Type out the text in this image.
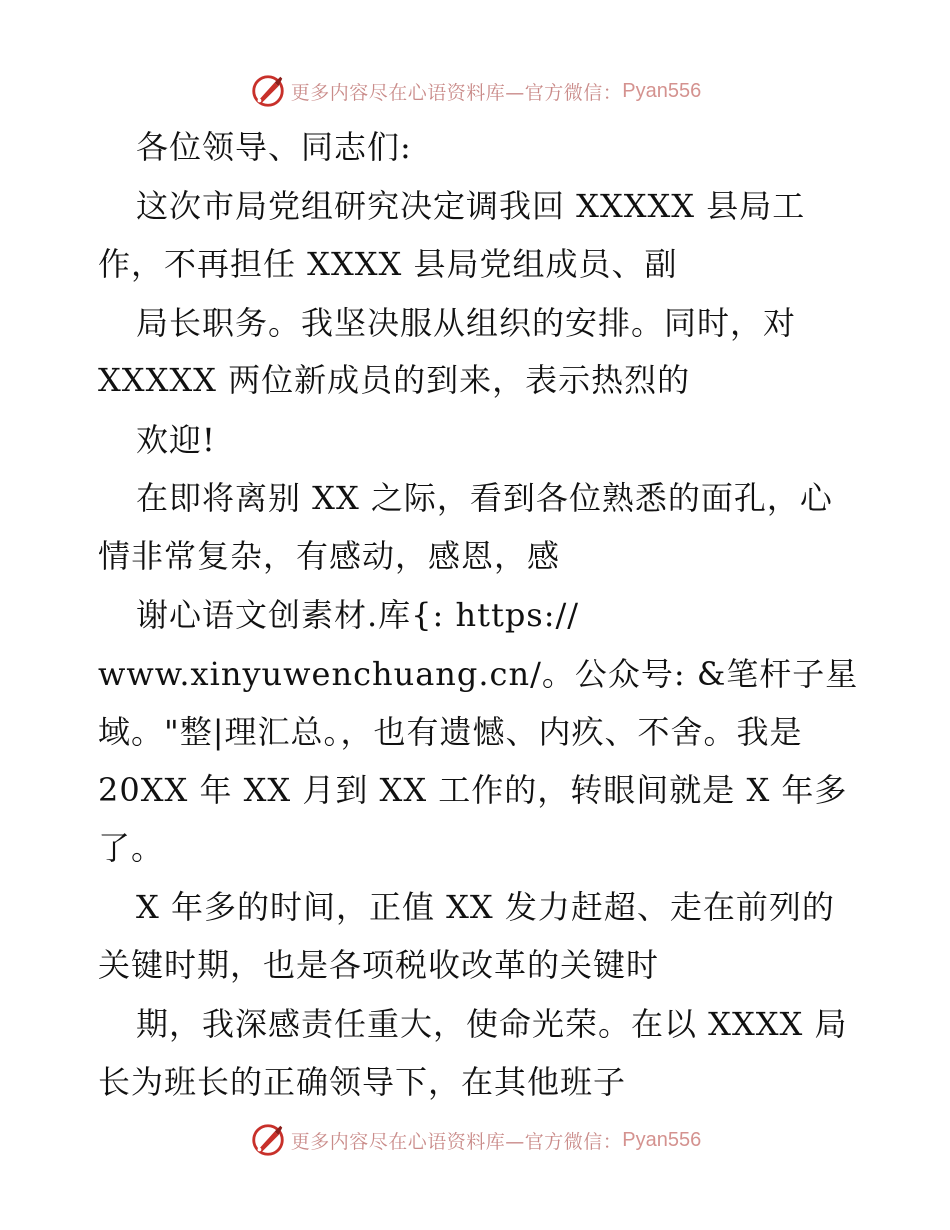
更多内容尽在心语资料库—官方微信： Pyan556
各位领导、同志们:
这次市局党组研究决定调我回 XXXXX 县局工
作，不再担任 XXXX 县局党组成员、副
局长职务。我坚决服从组织的安排。同时，对
XXXXX 两位新成员的到来，表示热烈的
欢迎!
在即将离别 XX 之际，看到各位熟悉的面孔，心
情非常复杂，有感动，感恩，感
谢心语文创素材.库{: https://
www.xinyuwenchuang.cn/。公众号: &笔杆子星
域。"整|理汇总。，也有遗憾、内疚、不舍。我是
20XX 年 XX 月到 XX 工作的，转眼间就是 X 年多
了。
X 年多的时间，正值 XX 发力赶超、走在前列的
关键时期，也是各项税收改革的关键时
期，我深感责任重大，使命光荣。在以 XXXX 局
长为班长的正确领导下，在其他班子
更多内容尽在心语资料库—官方微信： Pyan556
